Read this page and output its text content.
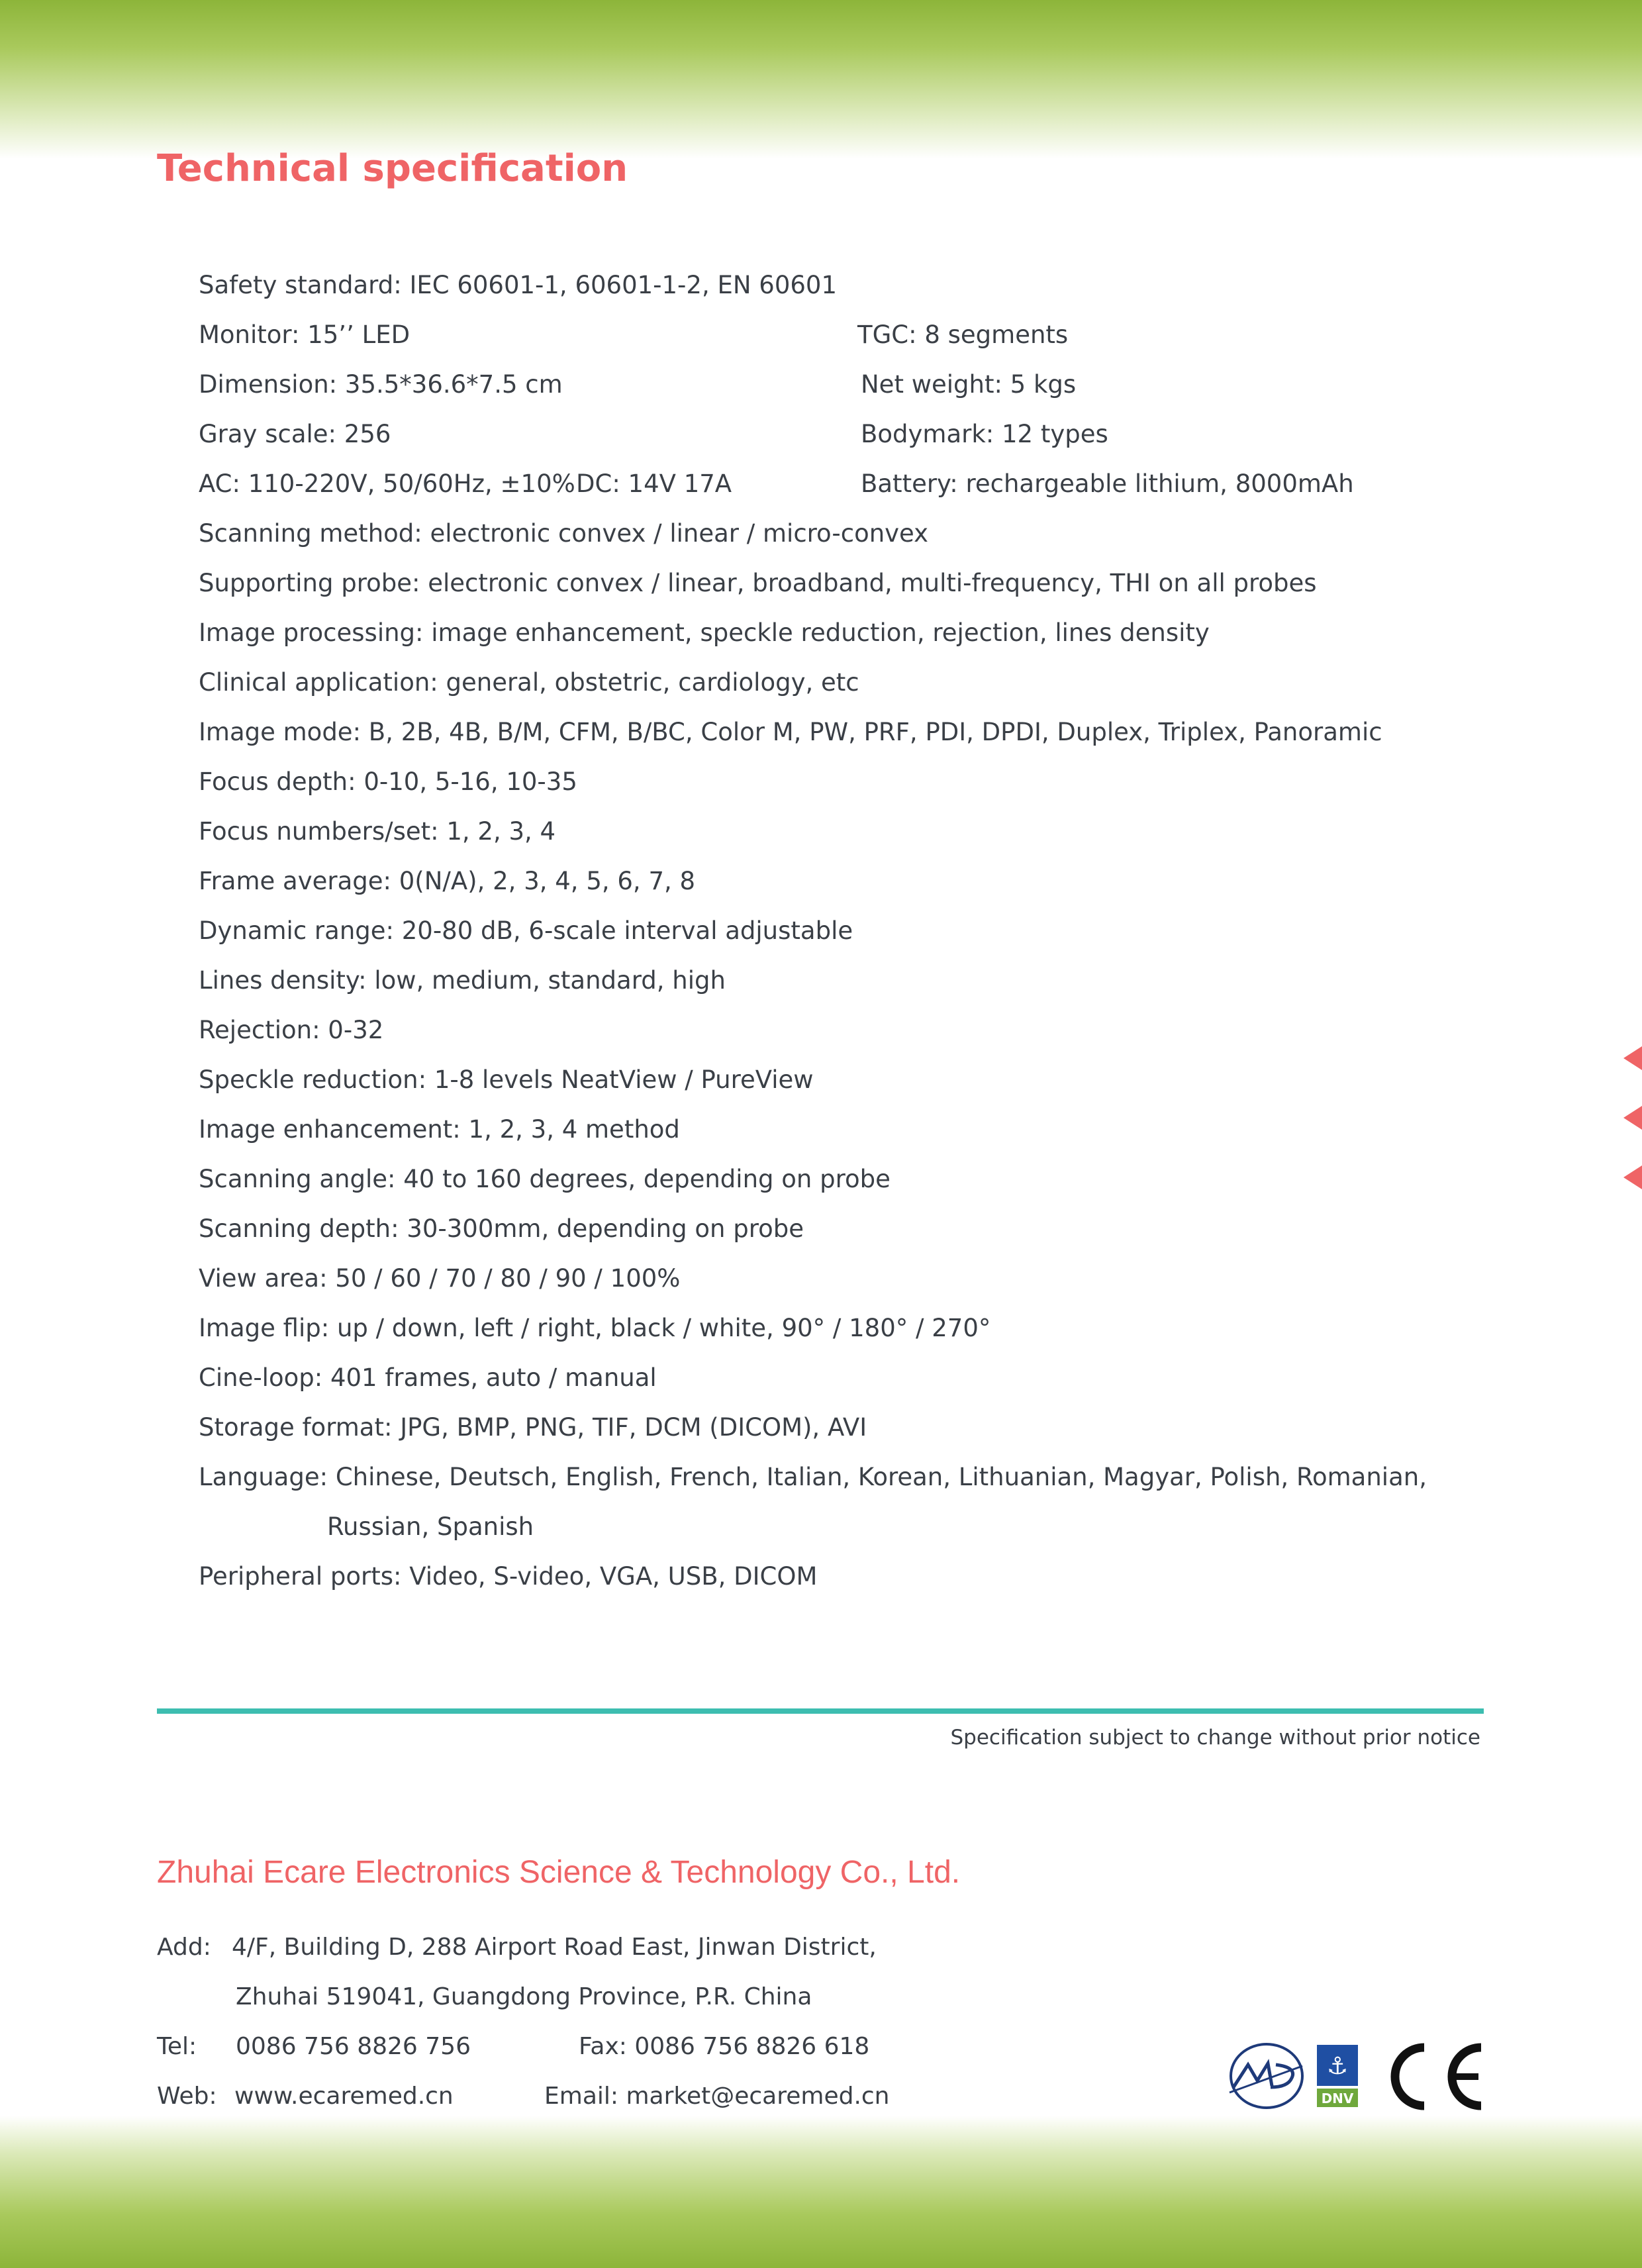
Technical specification
Safety standard: IEC 60601-1, 60601-1-2, EN 60601
Monitor: 15’’ LED	TGC: 8 segments
Dimension: 35.5*36.6*7.5 cm	Net weight: 5 kgs
Gray scale: 256	Bodymark: 12 types
AC: 110-220V, 50/60Hz, ±10% DC: 14V 17A	Battery: rechargeable lithium, 8000mAh
Scanning method: electronic convex / linear / micro-convex
Supporting probe: electronic convex / linear, broadband, multi-frequency, THI on all probes
Image processing: image enhancement, speckle reduction, rejection, lines density
Clinical application: general, obstetric, cardiology, etc
Image mode: B, 2B, 4B, B/M, CFM, B/BC, Color M, PW, PRF, PDI, DPDI, Duplex, Triplex, Panoramic
Focus depth: 0-10, 5-16, 10-35
Focus numbers/set: 1, 2, 3, 4
Frame average: 0(N/A), 2, 3, 4, 5, 6, 7, 8
Dynamic range: 20-80 dB, 6-scale interval adjustable
Lines density: low, medium, standard, high
Rejection: 0-32
Speckle reduction: 1-8 levels NeatView / PureView
Image enhancement: 1, 2, 3, 4 method
Scanning angle: 40 to 160 degrees, depending on probe
Scanning depth: 30-300mm, depending on probe
View area: 50 / 60 / 70 / 80 / 90 / 100%
Image flip: up / down, left / right, black / white, 90° / 180° / 270°
Cine-loop: 401 frames, auto / manual
Storage format: JPG, BMP, PNG, TIF, DCM (DICOM), AVI
Language: Chinese, Deutsch, English, French, Italian, Korean, Lithuanian, Magyar, Polish, Romanian,
Russian, Spanish
Peripheral ports: Video, S-video, VGA, USB, DICOM
Specification subject to change without prior notice
Zhuhai Ecare Electronics Science & Technology Co., Ltd.
Add: 4/F, Building D, 288 Airport Road East, Jinwan District,
Zhuhai 519041, Guangdong Province, P.R. China
Tel: 0086 756 8826 756	Fax: 0086 756 8826 618
Web: www.ecaremed.cn	Email: market@ecaremed.cn
⚓
DNV
